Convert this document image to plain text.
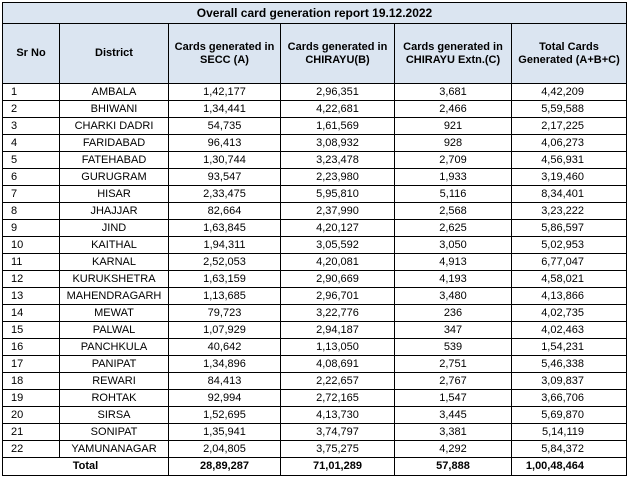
Overall card generation report 19.12.2022					
Sr No	District	Cards generated in SECC (A)	Cards generated in CHIRAYU(B)	Cards generated in CHIRAYU Extn.(C)	Total Cards Generated (A+B+C)
1	AMBALA	1,42,177	2,96,351	3,681	4,42,209
2	BHIWANI	1,34,441	4,22,681	2,466	5,59,588
3	CHARKI DADRI	54,735	1,61,569	921	2,17,225
4	FARIDABAD	96,413	3,08,932	928	4,06,273
5	FATEHABAD	1,30,744	3,23,478	2,709	4,56,931
6	GURUGRAM	93,547	2,23,980	1,933	3,19,460
7	HISAR	2,33,475	5,95,810	5,116	8,34,401
8	JHAJJAR	82,664	2,37,990	2,568	3,23,222
9	JIND	1,63,845	4,20,127	2,625	5,86,597
10	KAITHAL	1,94,311	3,05,592	3,050	5,02,953
11	KARNAL	2,52,053	4,20,081	4,913	6,77,047
12	KURUKSHETRA	1,63,159	2,90,669	4,193	4,58,021
13	MAHENDRAGARH	1,13,685	2,96,701	3,480	4,13,866
14	MEWAT	79,723	3,22,776	236	4,02,735
15	PALWAL	1,07,929	2,94,187	347	4,02,463
16	PANCHKULA	40,642	1,13,050	539	1,54,231
17	PANIPAT	1,34,896	4,08,691	2,751	5,46,338
18	REWARI	84,413	2,22,657	2,767	3,09,837
19	ROHTAK	92,994	2,72,165	1,547	3,66,706
20	SIRSA	1,52,695	4,13,730	3,445	5,69,870
21	SONIPAT	1,35,941	3,74,797	3,381	5,14,119
22	YAMUNANAGAR	2,04,805	3,75,275	4,292	5,84,372
Total		28,89,287	71,01,289	57,888	1,00,48,464
